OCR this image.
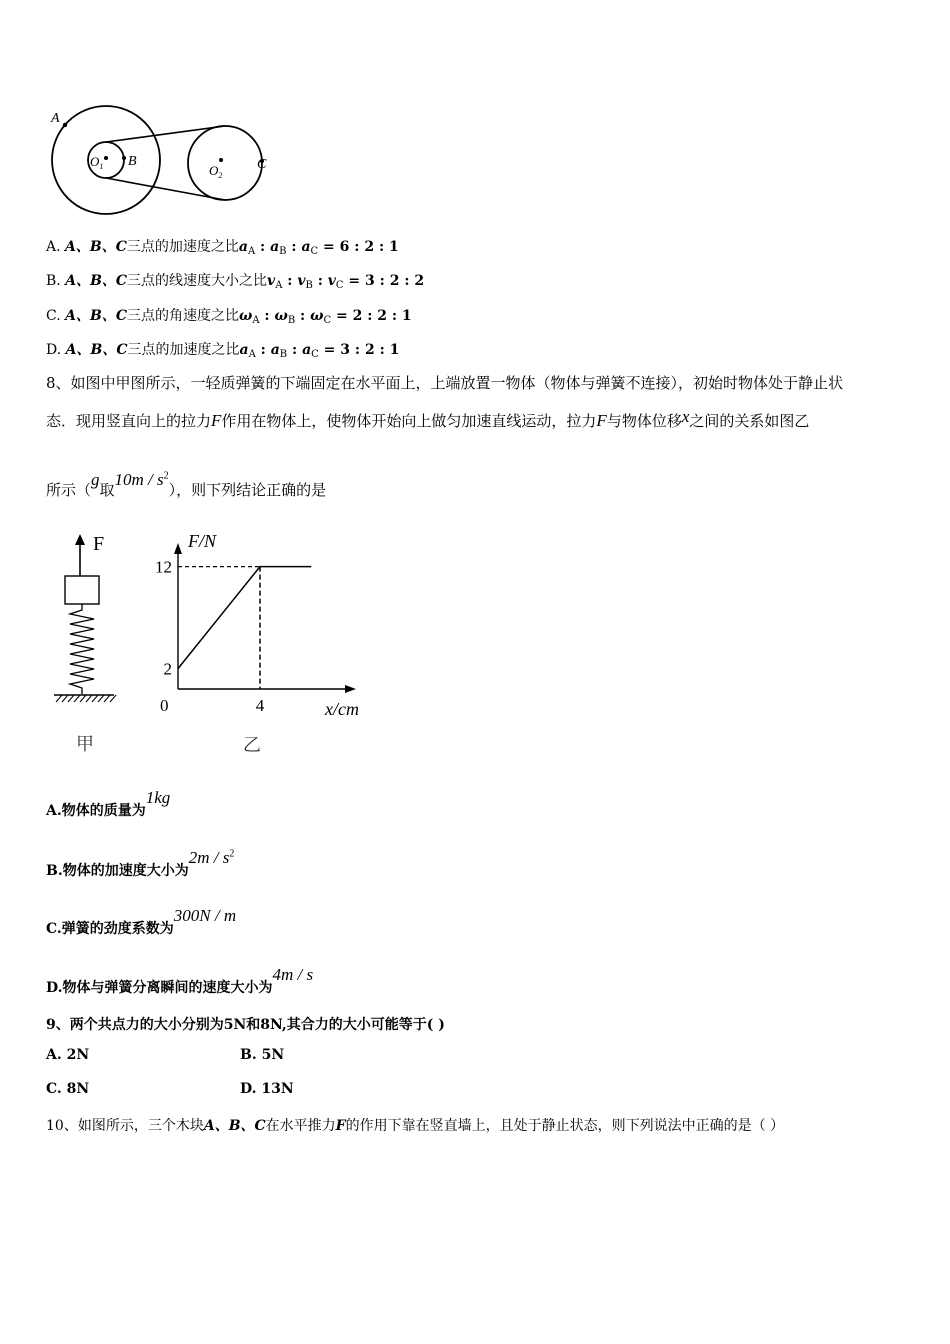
A
B	C
$O_1$	$O_2$
A. A、B、C三点的加速度之比$a_A$ : $a_B$ : $a_C = 6$ : 2 : 1
B. A、B、C三点的线速度大小之比$v_A$ : $v_B$ : $v_C = 3$ : 2 : 2
C. A、B、C三点的角速度之比$\omega_A$ : $\omega_B$ : $\omega_C = 2$ : 2 : 1
D. A、B、C三点的加速度之比$a_A$ : $a_B$ : $a_C = 3$ : 2 : 1
8、如图中甲图所示，一轻质弹簧的下端固定在水平面上，上端放置一物体（物体与弹簧不连接），初始时物体处于静止状
态．现用竖直向上的拉力F作用在物体上，使物体开始向上做匀加速直线运动，拉力F与物体位移x之间的关系如图乙
所示（g取$10m / s^2$），则下列结论正确的是
F
甲
F/N
x/cm
0
12
2
4
乙
A.物体的质量为1kg
B.物体的加速度大小为$2m / s^2$
C.弹簧的劲度系数为300N / m
D.物体与弹簧分离瞬间的速度大小为4m / s
9、两个共点力的大小分别为5N和8N,其合力的大小可能等于( )
A. 2N	B. 5N
C. 8N	D. 13N
10、如图所示，三个木块A、B、C在水平推力F的作用下靠在竖直墙上，且处于静止状态，则下列说法中正确的是（ ）
